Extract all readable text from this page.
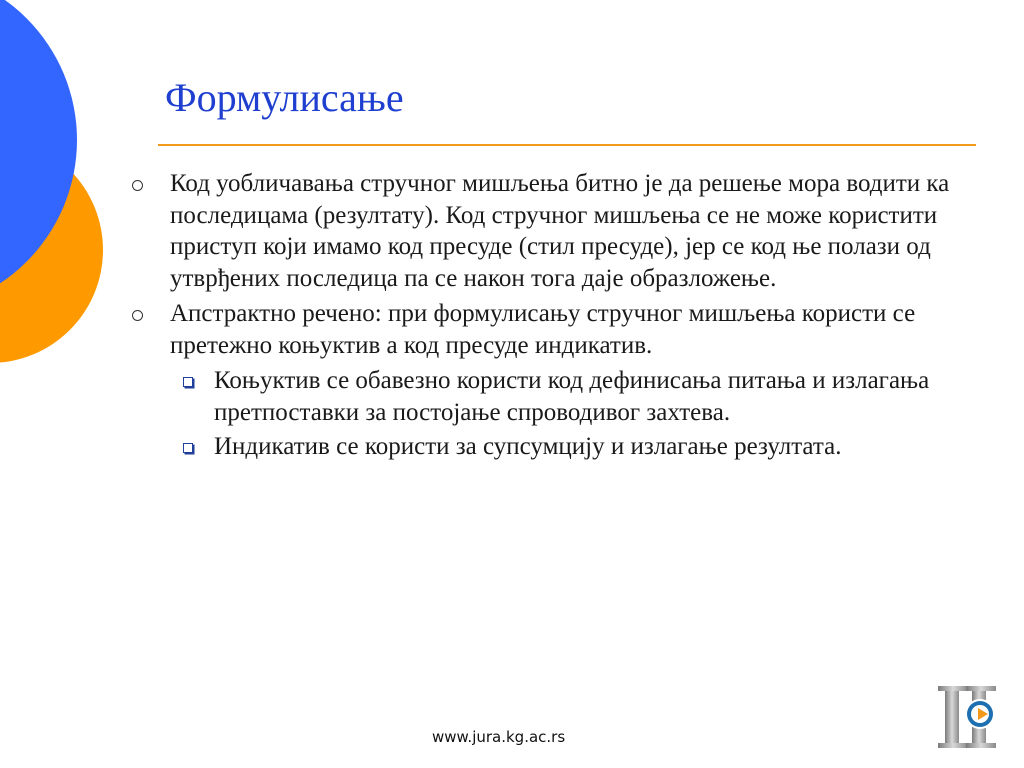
Формулисање
Код уобличавања стручног мишљења битно је да решење мора водити ка последицама (резултату). Код стручног мишљења се не може користити приступ који имамо код пресуде (стил пресуде), јер се код ње полази од утврђених последица па се након тога даје образложење.
Апстрактно речено: при формулисању стручног мишљења користи се претежно коњуктив а код пресуде индикатив.
Коњуктив се обавезно користи код дефинисања питања и излагања претпоставки за постојање спроводивог захтева.
Индикатив се користи за супсумцију и излагање резултата.
www.jura.kg.ac.rs
